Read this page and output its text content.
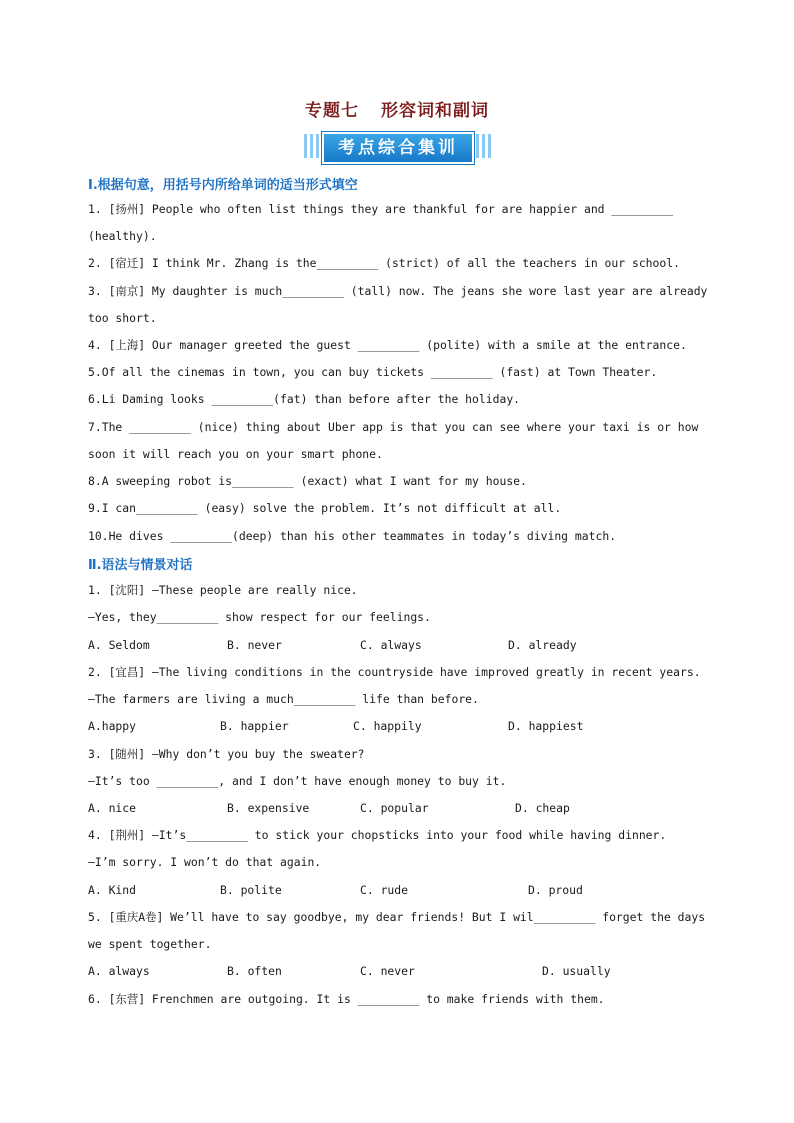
专题七 形容词和副词
考点综合集训
Ⅰ.根据句意，用括号内所给单词的适当形式填空
1. [扬州] People who often list things they are thankful for are happier and _________
(healthy).
2. [宿迁] I think Mr. Zhang is the_________ (strict) of all the teachers in our school.
3. [南京] My daughter is much_________ (tall) now. The jeans she wore last year are already
too short.
4. [上海] Our manager greeted the guest _________ (polite) with a smile at the entrance.
5.Of all the cinemas in town, you can buy tickets _________ (fast) at Town Theater.
6.Li Daming looks _________(fat) than before after the holiday.
7.The _________ (nice) thing about Uber app is that you can see where your taxi is or how
soon it will reach you on your smart phone.
8.A sweeping robot is_________ (exact) what I want for my house.
9.I can_________ (easy) solve the problem. It’s not difficult at all.
10.He dives _________(deep) than his other teammates in today’s diving match.
Ⅱ.语法与情景对话
1. [沈阳] —These people are really nice.
—Yes, they_________ show respect for our feelings.
A. Seldom	B. never	C. always	D. already
2. [宜昌] —The living conditions in the countryside have improved greatly in recent years.
—The farmers are living a much_________ life than before.
A.happy	B. happier	C. happily	D. happiest
3. [随州] —Why don’t you buy the sweater?
—It’s too _________, and I don’t have enough money to buy it.
A. nice	B. expensive	C. popular	D. cheap
4. [荆州] —It’s_________ to stick your chopsticks into your food while having dinner.
—I’m sorry. I won’t do that again.
A. Kind	B. polite	C. rude	D. proud
5. [重庆A卷] We’ll have to say goodbye, my dear friends! But I wil_________ forget the days
we spent together.
A. always	B. often	C. never	D. usually
6. [东营] Frenchmen are outgoing. It is _________ to make friends with them.
